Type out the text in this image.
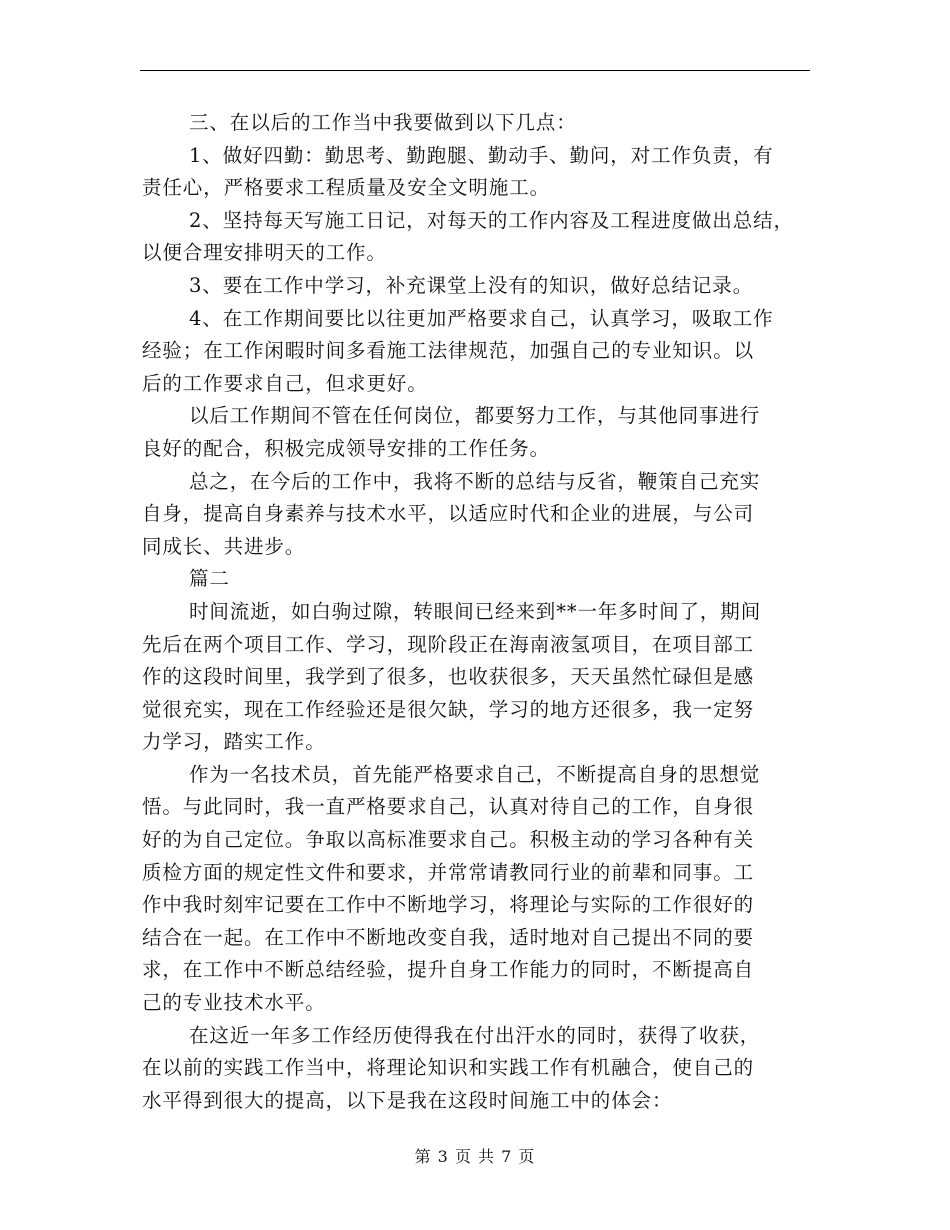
三、在以后的工作当中我要做到以下几点：
1、做好四勤：勤思考、勤跑腿、勤动手、勤问，对工作负责，有
责任心，严格要求工程质量及安全文明施工。
2、坚持每天写施工日记，对每天的工作内容及工程进度做出总结，
以便合理安排明天的工作。
3、要在工作中学习，补充课堂上没有的知识，做好总结记录。
4、在工作期间要比以往更加严格要求自己，认真学习，吸取工作
经验；在工作闲暇时间多看施工法律规范，加强自己的专业知识。以
后的工作要求自己，但求更好。
以后工作期间不管在任何岗位，都要努力工作，与其他同事进行
良好的配合，积极完成领导安排的工作任务。
总之，在今后的工作中，我将不断的总结与反省，鞭策自己充实
自身，提高自身素养与技术水平，以适应时代和企业的进展，与公司
同成长、共进步。
篇二
时间流逝，如白驹过隙，转眼间已经来到**一年多时间了，期间
先后在两个项目工作、学习，现阶段正在海南液氢项目，在项目部工
作的这段时间里，我学到了很多，也收获很多，天天虽然忙碌但是感
觉很充实，现在工作经验还是很欠缺，学习的地方还很多，我一定努
力学习，踏实工作。
作为一名技术员，首先能严格要求自己，不断提高自身的思想觉
悟。与此同时，我一直严格要求自己，认真对待自己的工作，自身很
好的为自己定位。争取以高标准要求自己。积极主动的学习各种有关
质检方面的规定性文件和要求，并常常请教同行业的前辈和同事。工
作中我时刻牢记要在工作中不断地学习，将理论与实际的工作很好的
结合在一起。在工作中不断地改变自我，适时地对自己提出不同的要
求，在工作中不断总结经验，提升自身工作能力的同时，不断提高自
己的专业技术水平。
在这近一年多工作经历使得我在付出汗水的同时，获得了收获，
在以前的实践工作当中，将理论知识和实践工作有机融合，使自己的
水平得到很大的提高，以下是我在这段时间施工中的体会：
第 3 页 共 7 页
